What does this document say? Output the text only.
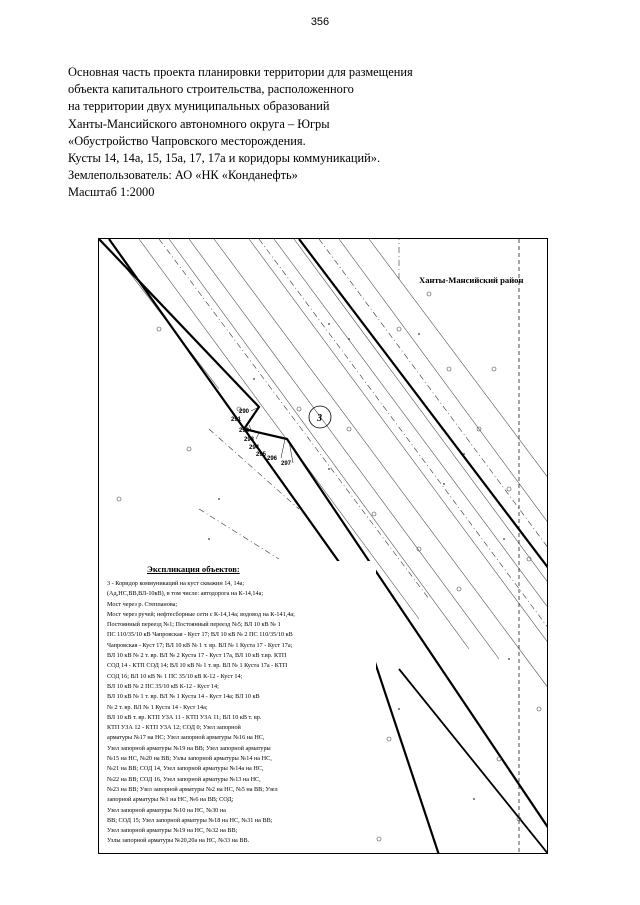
356
Основная часть проекта планировки территории для размещения
объекта капитального строительства, расположенного
на территории двух муниципальных образований
Ханты-Мансийского автономного округа – Югры
«Обустройство Чапровского месторождения.
Кусты 14, 14а, 15, 15а, 17, 17а и коридоры коммуникаций».
Землепользователь: АО «НК «Конданефть»
Масштаб 1:2000
3
290
291
292
293
294
295
296
297
Ханты-Мансийский район
Экспликация объектов:
3 - Коридор коммуникаций на куст скважин 14, 14а;
(Ад,НС,ВВ,ВЛ-10кВ), в том числе: автодорога на К-14,14а;
Мост через р. Степпанова;
Мост через ручей; нефтесборные сети с К-14,14а; водовод на К-141,4а;
Постоянный переезд №1; Постоянный переезд №5; ВЛ 10 кВ № 1
ПС 110/35/10 кВ Чапровская - Куст 17; ВЛ 10 кВ № 2 ПС 110/35/10 кВ
Чапровская - Куст 17; ВЛ 10 кВ № 1 т. вр. ВЛ № 1 Куста 17 - Куст 17а;
ВЛ 10 кВ № 2 т. вр. ВЛ № 2 Куста 17 - Куст 17а, ВЛ 10 кВ т.вр. КТП
СОД 14 - КТП СОД 14; ВЛ 10 кВ № 1 т. вр. ВЛ № 1 Куста 17а - КТП
СОД 16; ВЛ 10 кВ № 1 ПС 35/10 кВ К-12 - Куст 14;
ВЛ 10 кВ № 2 ПС 35/10 кВ К-12 - Куст 14;
ВЛ 10 кВ № 1 т. вр. ВЛ № 1 Куста 14 - Куст 14а; ВЛ 10 кВ
№ 2 т. вр. ВЛ № 1 Куста 14 - Куст 14а;
ВЛ 10 кВ т. вр. КТП УЗА 11 - КТП УЗА 11; ВЛ 10 кВ т. вр.
КТП УЗА 12 - КТП УЗА 12; СОД 0; Узел запорной
арматуры №17 на НС; Узел запорной арматуры №16 на НС,
Узел запорной арматуры №19 на ВВ; Узел запорной арматуры
№15 на НС, №20 на ВВ; Узлы запорной арматуры №14 на НС,
№21 на ВВ; СОД 14, Узел запорной арматуры №14а на НС,
№22 на ВВ; СОД 16, Узел запорной арматуры №13 на НС,
№23 на ВВ; Узел запорной арматуры №2 на НС, №5 на ВВ; Узел
запорной арматуры №1 на НС, №6 на ВВ; СОД;
Узел запорной арматуры №10 на НС, №30 на
ВВ; СОД 15; Узел запорной арматуры №18 на НС, №31 на ВВ;
Узел запорной арматуры №19 на НС, №32 на ВВ;
Узлы запорной арматуры №20,20а на НС, №33 на ВВ.
